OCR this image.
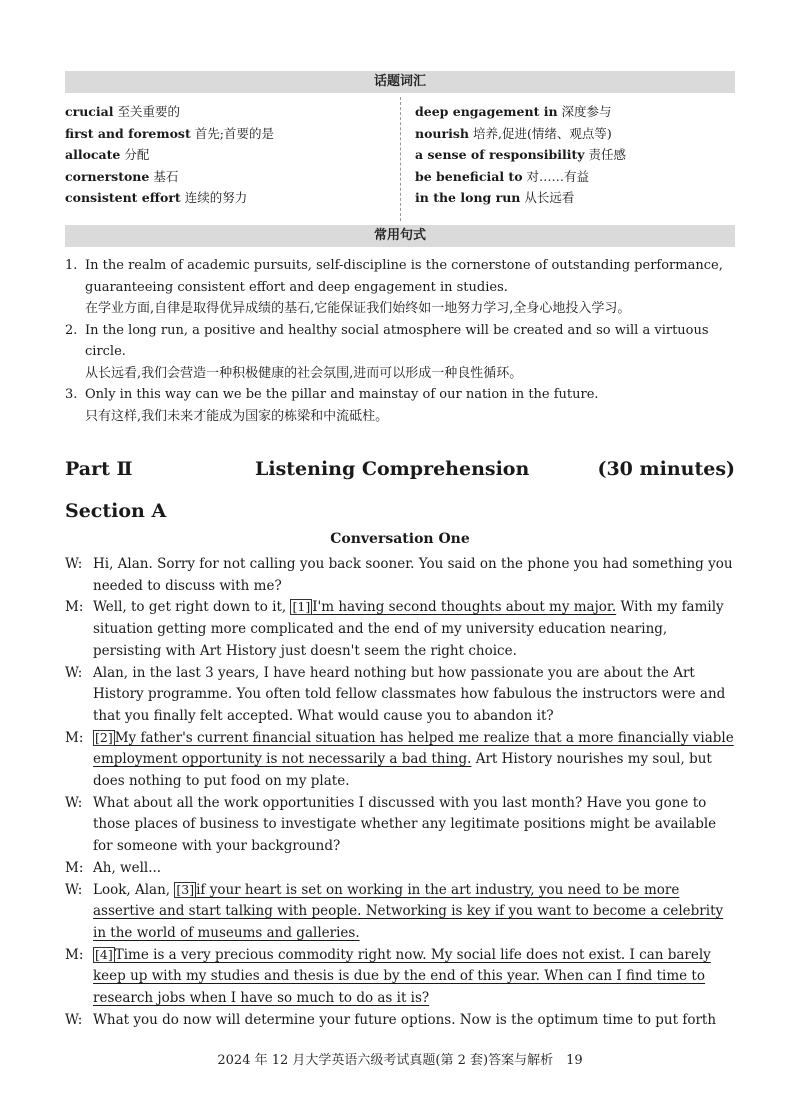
话题词汇
crucial 至关重要的
first and foremost 首先;首要的是
allocate 分配
cornerstone 基石
consistent effort 连续的努力
deep engagement in 深度参与
nourish 培养,促进(情绪、观点等)
a sense of responsibility 责任感
be beneficial to 对……有益
in the long run 从长远看
常用句式

1. In the realm of academic pursuits, self-discipline is the cornerstone of outstanding performance, guaranteeing consistent effort and deep engagement in studies.

在学业方面,自律是取得优异成绩的基石,它能保证我们始终如一地努力学习,全身心地投入学习。

2. In the long run, a positive and healthy social atmosphere will be created and so will a virtuous circle.

从长远看,我们会营造一种积极健康的社会氛围,进而可以形成一种良性循环。

3. Only in this way can we be the pillar and mainstay of our nation in the future.

只有这样,我们未来才能成为国家的栋梁和中流砥柱。

Part Ⅱ	Listening Comprehension	(30 minutes)
Section A
Conversation One

W: Hi, Alan. Sorry for not calling you back sooner. You said on the phone you had something you needed to discuss with me?

M: Well, to get right down to it, [1] I'm having second thoughts about my major. With my family situation getting more complicated and the end of my university education nearing, persisting with Art History just doesn't seem the right choice.

W: Alan, in the last 3 years, I have heard nothing but how passionate you are about the Art History programme. You often told fellow classmates how fabulous the instructors were and that you finally felt accepted. What would cause you to abandon it?

M: [2] My father's current financial situation has helped me realize that a more financially viable employment opportunity is not necessarily a bad thing. Art History nourishes my soul, but does nothing to put food on my plate.

W: What about all the work opportunities I discussed with you last month? Have you gone to those places of business to investigate whether any legitimate positions might be available for someone with your background?

M: Ah, well...

W: Look, Alan, [3] if your heart is set on working in the art industry, you need to be more assertive and start talking with people. Networking is key if you want to become a celebrity in the world of museums and galleries.

M: [4] Time is a very precious commodity right now. My social life does not exist. I can barely keep up with my studies and thesis is due by the end of this year. When can I find time to research jobs when I have so much to do as it is?

W: What you do now will determine your future options. Now is the optimum time to put forth

2024 年 12 月大学英语六级考试真题(第 2 套)答案与解析　19
